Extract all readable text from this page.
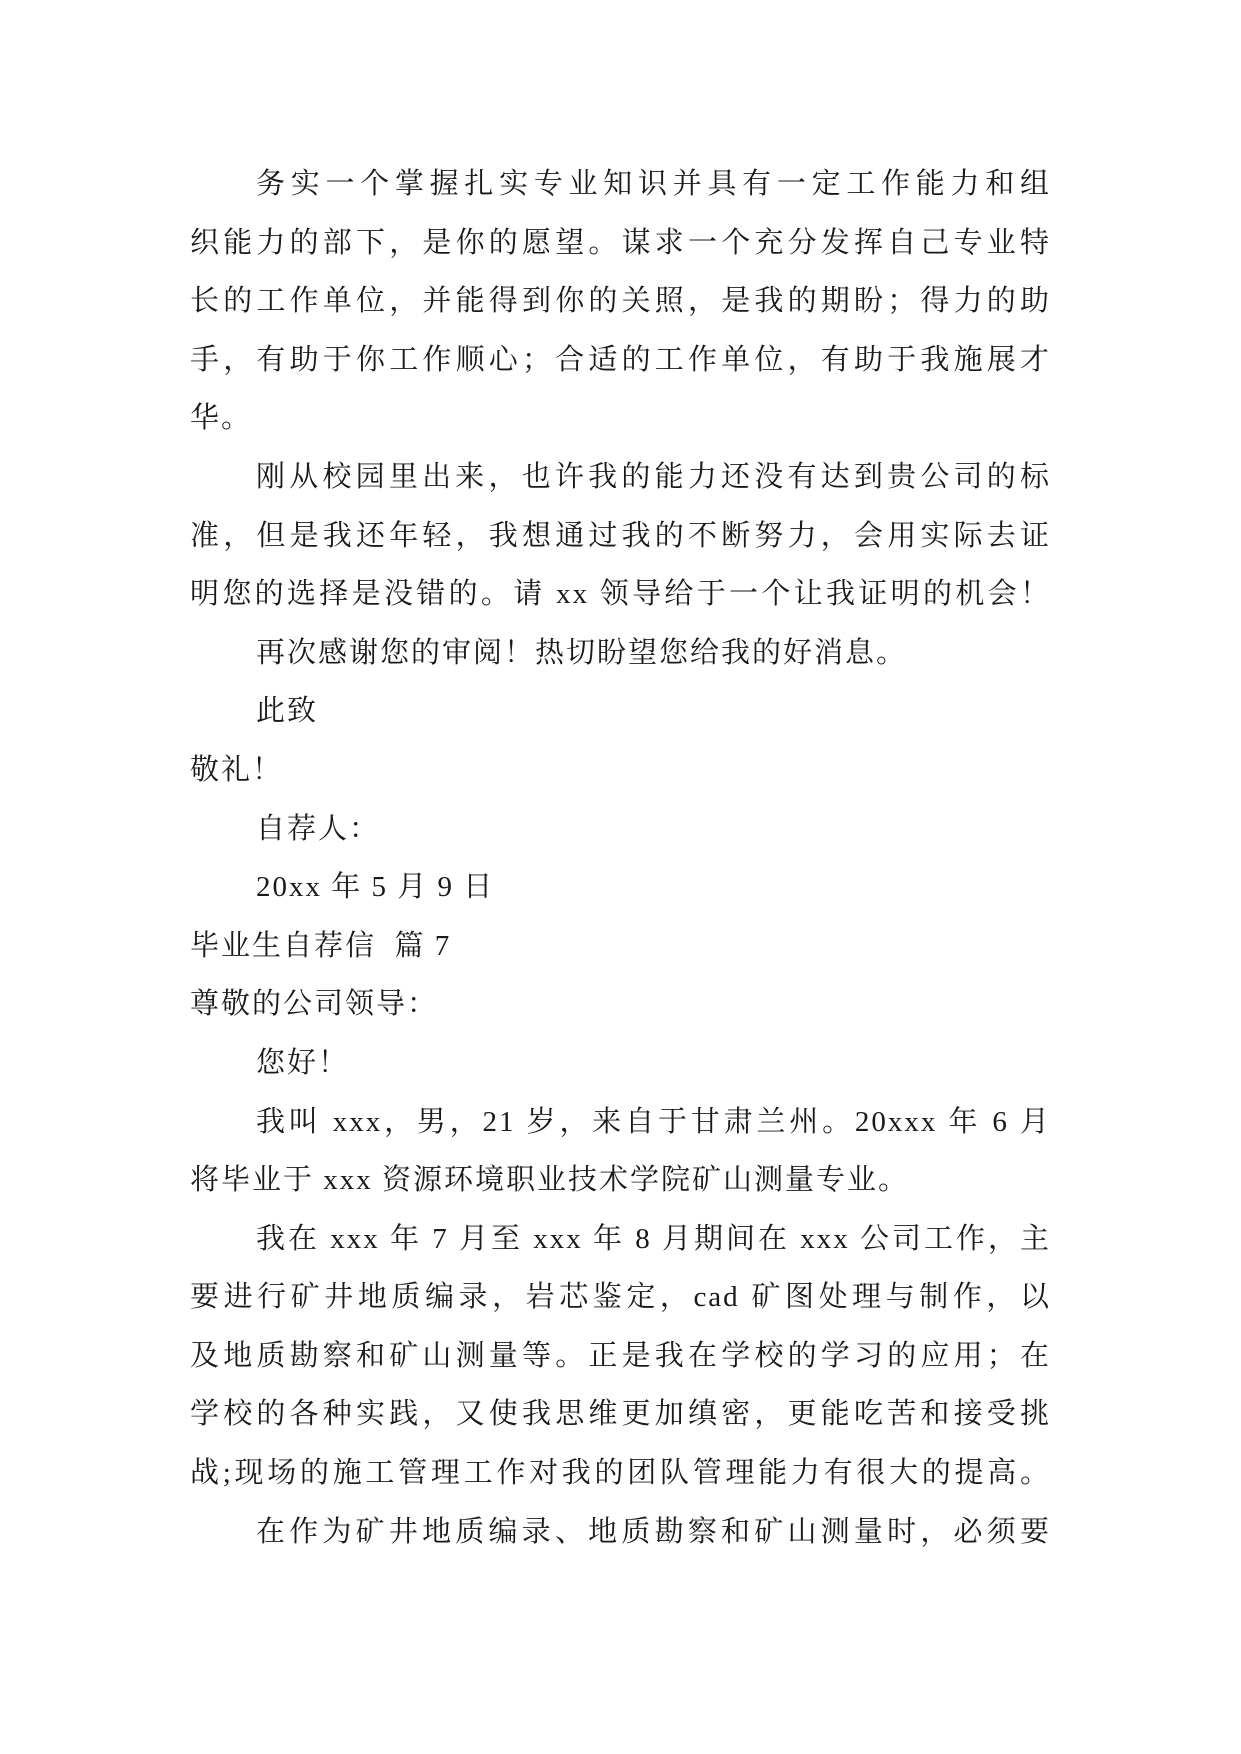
务实一个掌握扎实专业知识并具有一定工作能力和组
织能力的部下，是你的愿望。谋求一个充分发挥自己专业特
长的工作单位，并能得到你的关照，是我的期盼；得力的助
手，有助于你工作顺心；合适的工作单位，有助于我施展才
华。
刚从校园里出来，也许我的能力还没有达到贵公司的标
准，但是我还年轻，我想通过我的不断努力，会用实际去证
明您的选择是没错的。请 xx 领导给于一个让我证明的机会！
再次感谢您的审阅！热切盼望您给我的好消息。
此致
敬礼！
自荐人：
20xx 年 5 月 9 日
毕业生自荐信  篇 7
尊敬的公司领导：
您好！
我叫 xxx，男，21 岁，来自于甘肃兰州。20xxx 年 6 月
将毕业于 xxx 资源环境职业技术学院矿山测量专业。
我在 xxx 年 7 月至 xxx 年 8 月期间在 xxx 公司工作，主
要进行矿井地质编录，岩芯鉴定，cad 矿图处理与制作，以
及地质勘察和矿山测量等。正是我在学校的学习的应用；在
学校的各种实践，又使我思维更加缜密，更能吃苦和接受挑
战;现场的施工管理工作对我的团队管理能力有很大的提高。
在作为矿井地质编录、地质勘察和矿山测量时，必须要
